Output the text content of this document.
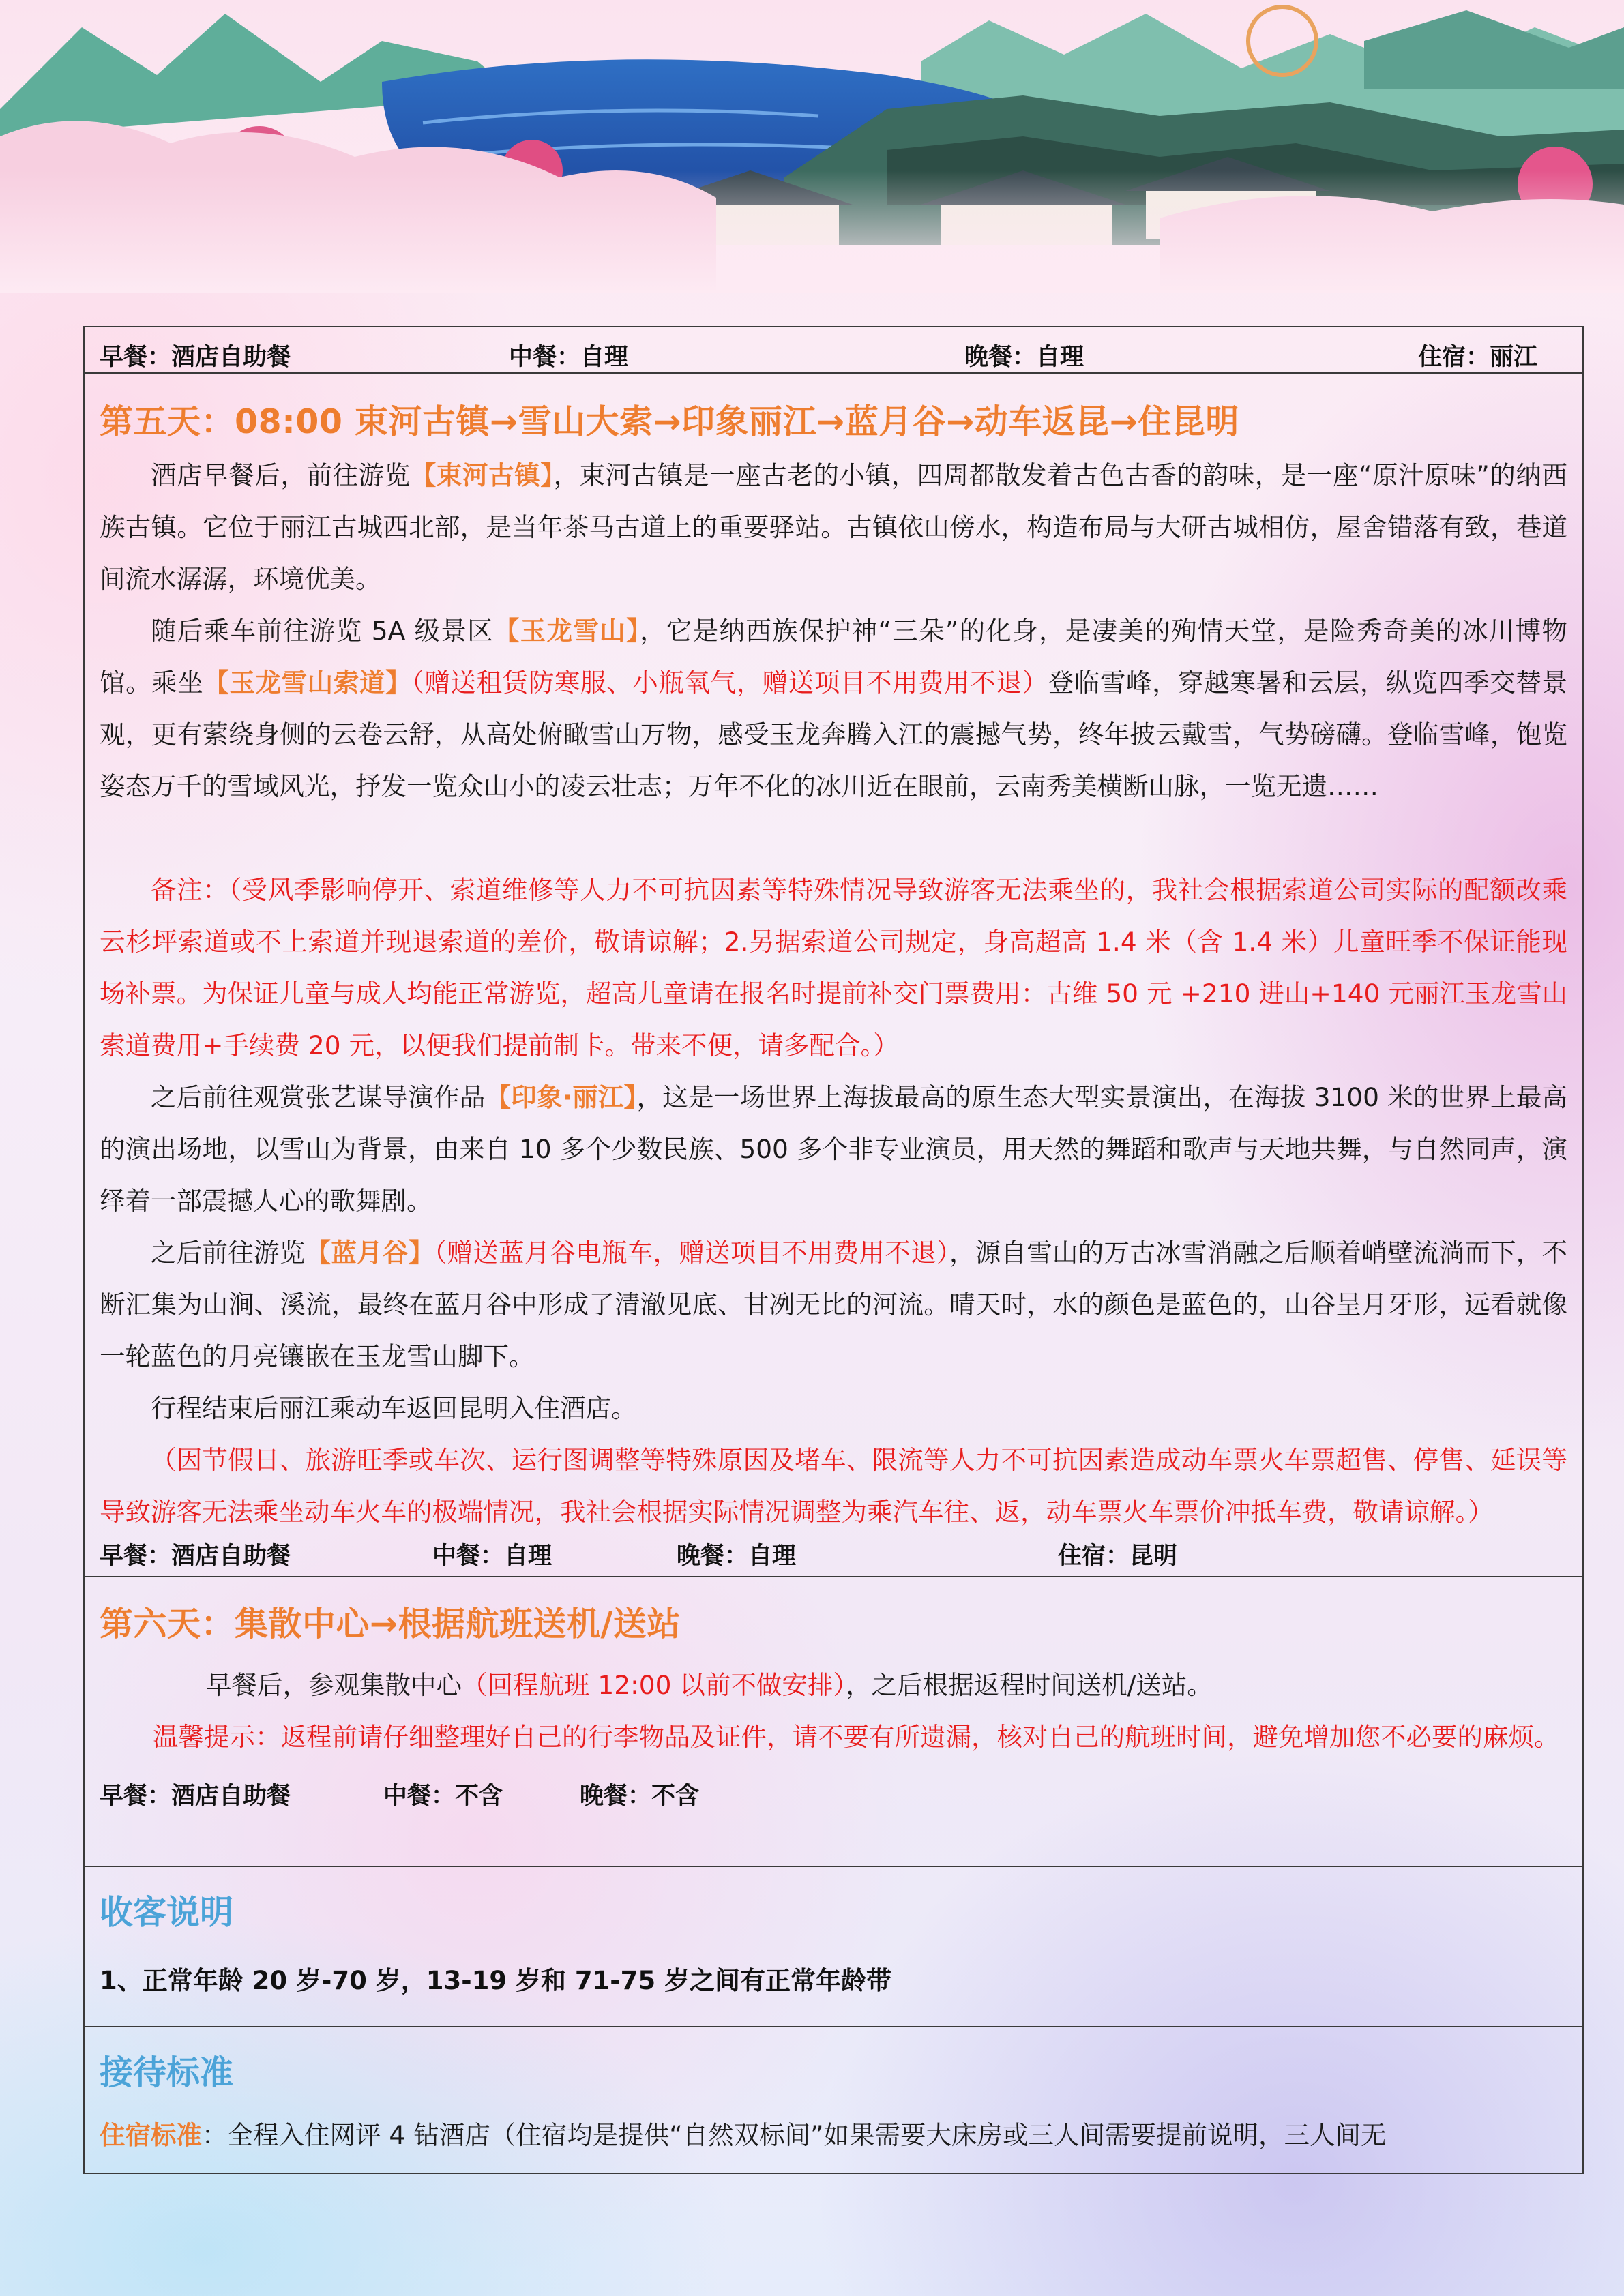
早餐：酒店自助餐	中餐：自理	晚餐：自理	住宿：丽江
第五天：08:00 束河古镇→雪山大索→印象丽江→蓝月谷→动车返昆→住昆明

酒店早餐后，前往游览【束河古镇】，束河古镇是一座古老的小镇，四周都散发着古色古香的韵味，是一座“原汁原味”的纳西族古镇。它位于丽江古城西北部，是当年茶马古道上的重要驿站。古镇依山傍水，构造布局与大研古城相仿，屋舍错落有致，巷道间流水潺潺，环境优美。

随后乘车前往游览 5A 级景区【玉龙雪山】，它是纳西族保护神“三朵”的化身，是凄美的殉情天堂，是险秀奇美的冰川博物馆。乘坐【玉龙雪山索道】（赠送租赁防寒服、小瓶氧气，赠送项目不用费用不退）登临雪峰，穿越寒暑和云层，纵览四季交替景观，更有萦绕身侧的云卷云舒，从高处俯瞰雪山万物，感受玉龙奔腾入江的震撼气势，终年披云戴雪，气势磅礴。登临雪峰，饱览姿态万千的雪域风光，抒发一览众山小的凌云壮志；万年不化的冰川近在眼前，云南秀美横断山脉，一览无遗……

备注：（受风季影响停开、索道维修等人力不可抗因素等特殊情况导致游客无法乘坐的，我社会根据索道公司实际的配额改乘云杉坪索道或不上索道并现退索道的差价，敬请谅解；2.另据索道公司规定，身高超高 1.4 米（含 1.4 米）儿童旺季不保证能现场补票。为保证儿童与成人均能正常游览，超高儿童请在报名时提前补交门票费用：古维 50 元 +210 进山+140 元丽江玉龙雪山索道费用+手续费 20 元，以便我们提前制卡。带来不便，请多配合。）

之后前往观赏张艺谋导演作品【印象·丽江】，这是一场世界上海拔最高的原生态大型实景演出，在海拔 3100 米的世界上最高的演出场地，以雪山为背景，由来自 10 多个少数民族、500 多个非专业演员，用天然的舞蹈和歌声与天地共舞，与自然同声，演绎着一部震撼人心的歌舞剧。

之后前往游览【蓝月谷】（赠送蓝月谷电瓶车，赠送项目不用费用不退），源自雪山的万古冰雪消融之后顺着峭壁流淌而下，不断汇集为山涧、溪流，最终在蓝月谷中形成了清澈见底、甘冽无比的河流。晴天时，水的颜色是蓝色的，山谷呈月牙形，远看就像一轮蓝色的月亮镶嵌在玉龙雪山脚下。

行程结束后丽江乘动车返回昆明入住酒店。

（因节假日、旅游旺季或车次、运行图调整等特殊原因及堵车、限流等人力不可抗因素造成动车票火车票超售、停售、延误等导致游客无法乘坐动车火车的极端情况，我社会根据实际情况调整为乘汽车往、返，动车票火车票价冲抵车费，敬请谅解。）

早餐：酒店自助餐	中餐：自理	晚餐：自理	住宿：昆明
第六天：集散中心→根据航班送机/送站
早餐后，参观集散中心（回程航班 12:00 以前不做安排），之后根据返程时间送机/送站。
温馨提示：返程前请仔细整理好自己的行李物品及证件，请不要有所遗漏，核对自己的航班时间，避免增加您不必要的麻烦。
早餐：酒店自助餐	中餐：不含	晚餐：不含
收客说明
1、正常年龄 20 岁-70 岁，13-19 岁和 71-75 岁之间有正常年龄带
接待标准
住宿标准：全程入住网评 4 钻酒店（住宿均是提供“自然双标间”如果需要大床房或三人间需要提前说明，三人间无
